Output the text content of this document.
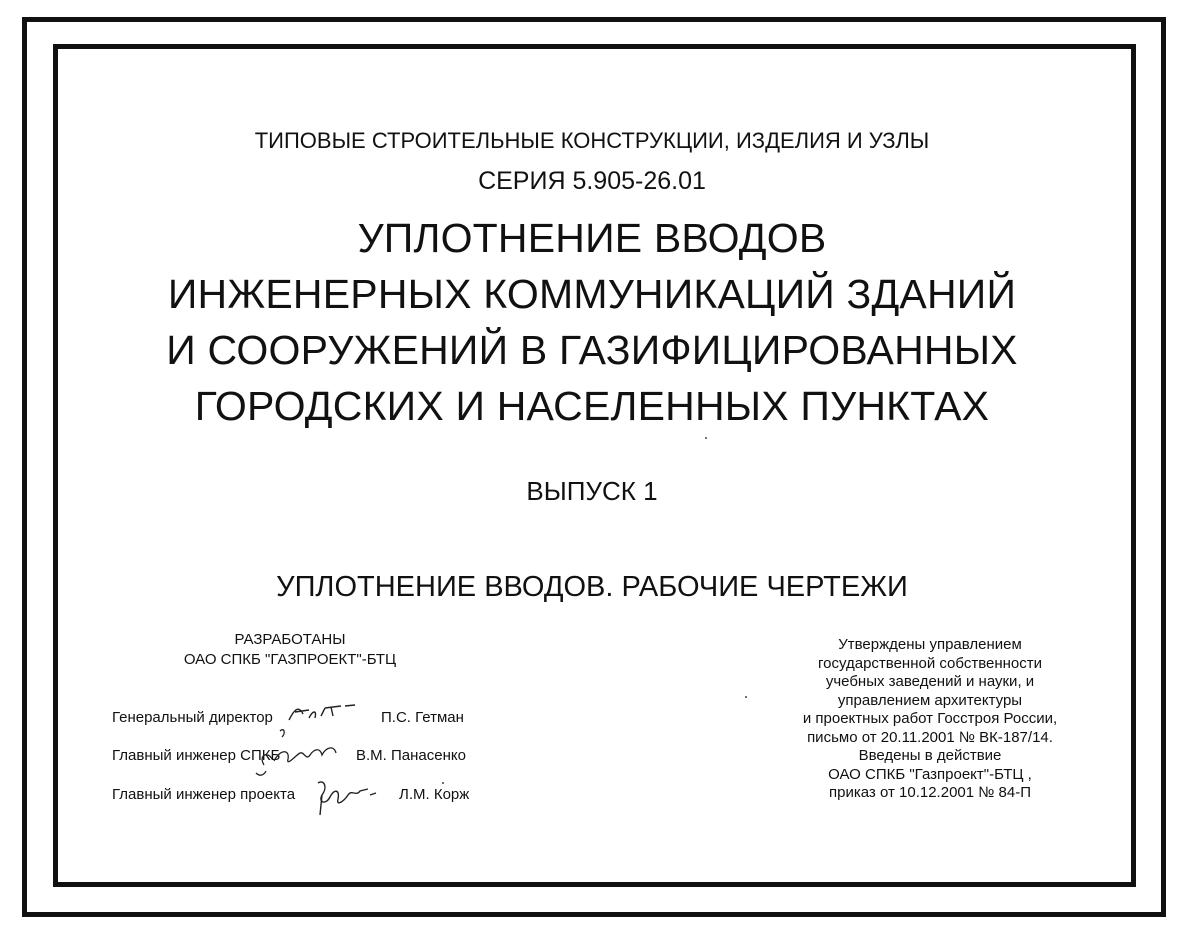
ТИПОВЫЕ СТРОИТЕЛЬНЫЕ КОНСТРУКЦИИ, ИЗДЕЛИЯ И УЗЛЫ
СЕРИЯ 5.905-26.01
УПЛОТНЕНИЕ ВВОДОВ
ИНЖЕНЕРНЫХ КОММУНИКАЦИЙ ЗДАНИЙ
И СООРУЖЕНИЙ В ГАЗИФИЦИРОВАННЫХ
ГОРОДСКИХ И НАСЕЛЕННЫХ ПУНКТАХ
ВЫПУСК 1
УПЛОТНЕНИЕ ВВОДОВ. РАБОЧИЕ ЧЕРТЕЖИ
РАЗРАБОТАНЫ
ОАО СПКБ "ГАЗПРОЕКТ"-БТЦ
Генеральный директор	П.С. Гетман
Главный инженер СПКБ	В.М. Панасенко
Главный инженер проекта	Л.М. Корж
Утверждены управлением
государственной собственности
учебных заведений и науки, и
управлением архитектуры
и проектных работ Госстроя России,
письмо от 20.11.2001 № ВК-187/14.
Введены в действие
ОАО СПКБ "Газпроект"-БТЦ ,
приказ от 10.12.2001 № 84-П
